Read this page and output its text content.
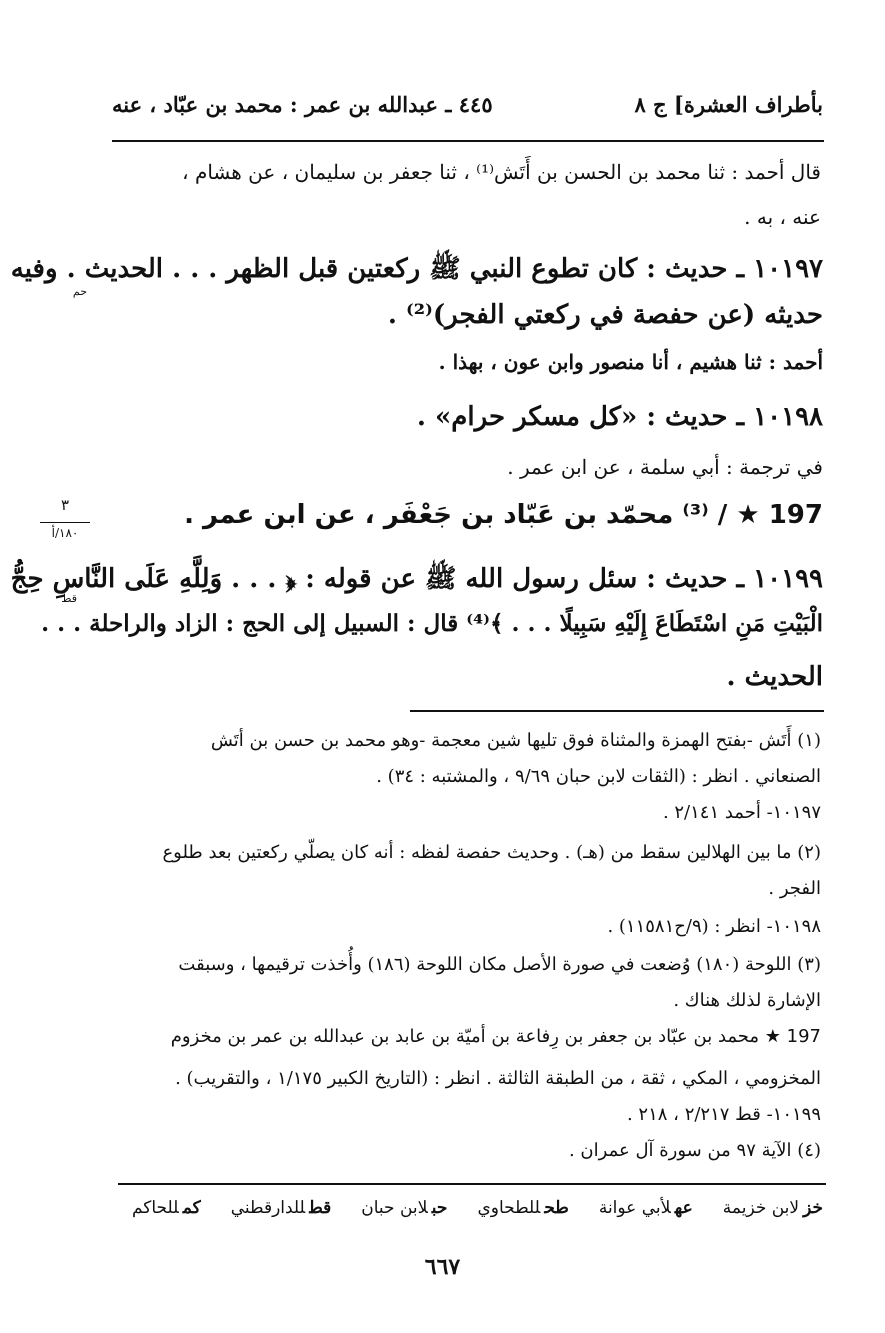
بأطراف العشرة] ج ٨
٤٤٥ ـ عبدالله بن عمر : محمد بن عبّاد ، عنه
قال أحمد : ثنا محمد بن الحسن بن أَتَش⁽¹⁾ ، ثنا جعفر بن سليمان ، عن هشام ،
عنه ، به .
١٠١٩٧ ـ حديث : كان تطوع النبي ﷺ ركعتين قبل الظهر . . . الحديث . وفيه
حم
حديثه (عن حفصة في ركعتي الفجر)⁽²⁾ .
أحمد : ثنا هشيم ، أنا منصور وابن عون ، بهذا .
١٠١٩٨ ـ حديث : «كل مسكر حرام» .
في ترجمة : أبي سلمة ، عن ابن عمر .
197 ★ / ⁽³⁾ محمّد بن عَبّاد بن جَعْفَر ، عن ابن عمر .
٣
١٨٠/أ
١٠١٩٩ ـ حديث : سئل رسول الله ﷺ عن قوله : ﴿ . . . وَلِلَّهِ عَلَى النَّاسِ حِجُّ
قط
الْبَيْتِ مَنِ اسْتَطَاعَ إِلَيْهِ سَبِيلًا . . . ﴾⁽⁴⁾ قال : السبيل إلى الحج : الزاد والراحلة . . .
الحديث .
(١) أَتَش -بفتح الهمزة والمثناة فوق تليها شين معجمة -وهو محمد بن حسن بن أتَش
الصنعاني . انظر : (الثقات لابن حبان ٩/٦٩ ، والمشتبه : ٣٤) .
١٠١٩٧- أحمد ٢/١٤١ .
(٢) ما بين الهلالين سقط من (هـ) . وحديث حفصة لفظه : أنه كان يصلّي ركعتين بعد طلوع
الفجر .
١٠١٩٨- انظر : (٩/ح١١٥٨١) .
(٣) اللوحة (١٨٠) وُضعت في صورة الأصل مكان اللوحة (١٨٦) وأُخذت ترقيمها ، وسبقت
الإشارة لذلك هناك .
197 ★ محمد بن عبّاد بن جعفر بن رِفاعة بن أميّة بن عابد بن عبدالله بن عمر بن مخزوم
المخزومي ، المكي ، ثقة ، من الطبقة الثالثة . انظر : (التاريخ الكبير ١/١٧٥ ، والتقريب) .
١٠١٩٩- قط ٢/٢١٧ ، ٢١٨ .
(٤) الآية ٩٧ من سورة آل عمران .
خزلابن خزيمة
عهلأبي عوانة
طحللطحاوي
حبلابن حبان
قطللدارقطني
كمللحاكم
٦٦٧
